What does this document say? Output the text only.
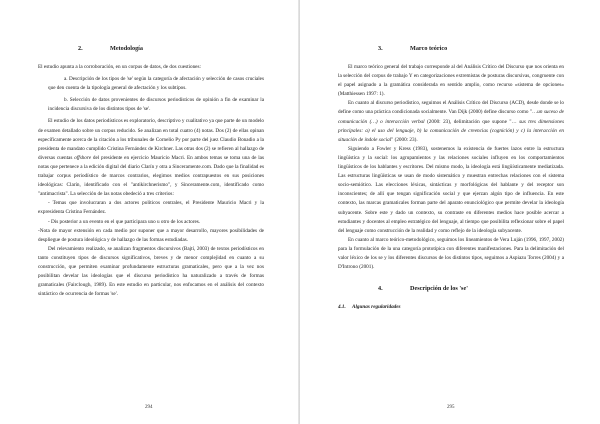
2.	Metodología

El estudio apunta a la corroboración, en un corpus de datos, de dos cuestiones:

a. Descripción de los tipos de 'se' según la categoría de afectación y selección de casos cruciales que den cuenta de la tipología general de afectación y los subtipos.

b. Selección de datos provenientes de discursos periodísticos de opinión a fin de examinar la incidencia discursiva de los distintos tipos de 'se'.

El estudio de los datos periodísticos es exploratorio, descriptivo y cualitativo ya que parte de un modelo de examen detallado sobre un corpus reducido. Se analizan en total cuatro (4) notas. Dos (2) de ellas opinan específicamente acerca de la citación a los tribunales de Cornelio Py por parte del juez Claudio Bonadio a la presidenta de mandato cumplido Cristina Fernández de Kirchner. Las otras dos (2) se refieren al hallazgo de diversas cuentas offshore del presidente en ejercicio Mauricio Macri. En ambos temas se toma una de las notas que pertenece a la edición digital del diario Clarín y otra a Sinceramente.com. Dado que la finalidad es trabajar corpus periodístico de marcos contrarios, elegimos medios contrapuestos en sus posiciones ideológicas: Clarín, identificado con el "antikirchnerismo", y Sinceramente.com, identificado como "antimacrista". La selección de las notas obedeció a tres criterios:

- Temas que involucraran a dos actores políticos centrales, el Presidente Mauricio Macri y la expresidenta Cristina Fernández.

- Dis posterior a un evento en el que participara uno u otro de los actores.

-Nota de mayor extensión en cada medio por suponer que a mayor desarrollo, mayores posibilidades de despliegue de postura ideológica y de hallazgo de las formas estudiadas.

Del relevamiento realizado, se analizan fragmentos discursivos (Bajtí, 2003) de textos periodísticos en tanto constituyen tipos de discursos significativos, breves y de menor complejidad en cuanto a su construcción, que permiten examinar profundamente estructuras gramaticales, pero que a la vez nos posibilitan develar las ideologías que el discurso periodístico ha naturalizado a través de formas gramaticales (Fairclough, 1989). En este estudio en particular, nos enfocamos en el análisis del contexto sintáctico de ocurrencia de formas 'se'.

294
3.	Marco teórico

El marco teórico general del trabajo corresponde al del Análisis Crítico del Discurso que nos orienta en la selección del corpus de trabajo Y en categorizaciones extremistas de posturas discursivas, congruente con el papel asignado a la gramática considerada en sentido amplio, como recurso «sistema de opciones» (Matthiessen 1997: 1).

En cuanto al discurso periodístico, seguimos el Análisis Crítico del Discurso (ACD), desde donde se lo define como una práctica condicionada socialmente. Van Dijk (2000) define discurso como "…un suceso de comunicación (…) o interacción verbal (2000: 23), delimitación que supone "… sus tres dimensiones principales: a) el uso del lenguaje, b) la comunicación de creencias (cognición) y c) la interacción en situación de índole social" (2000: 23).

Siguiendo a Fowler y Kress (1983), sostenemos la existencia de fuertes lazos entre la estructura lingüística y la social: los agrupamientos y las relaciones sociales influyen en los comportamientos lingüísticos de los hablantes y escritores. Del mismo modo, la ideología está lingüísticamente mediatizada. Las estructuras lingüísticas se usan de modo sistemático y muestran entrechas relaciones con el sistema socio-semiótico. Las elecciones léxicas, sintácticas y morfológicas del hablante y del receptor son inconscientes; de allí que tengan significación social y que ejerzan algún tipo de influencia. En este contexto, las marcas gramaticales forman parte del aparato enunciológico que permite develar la ideología subyacente. Sobre este y dado un contexto, su contraste en diferentes medios hace posible acercar a estudiantes y docentes al empleo estratégico del lenguaje, al tiempo que posibilita reflexionar sobre el papel del lenguaje como construcción de la realidad y como reflejo de la ideología subyacente.

En cuanto al marco teórico-metodológico, seguimos los lineamientos de Vera Luján (1996, 1997, 2002) para la formulación de la una categoría prototípica con diferentes manifestaciones. Para la delimitación del valor léxico de los se y los diferentes discursos de los distintos tipos, seguimos a Aspiazu Torres (2004) y a D'Introno (2001).

4.	Descripción de los 'se'
4.1. Algunas regularidades
295
